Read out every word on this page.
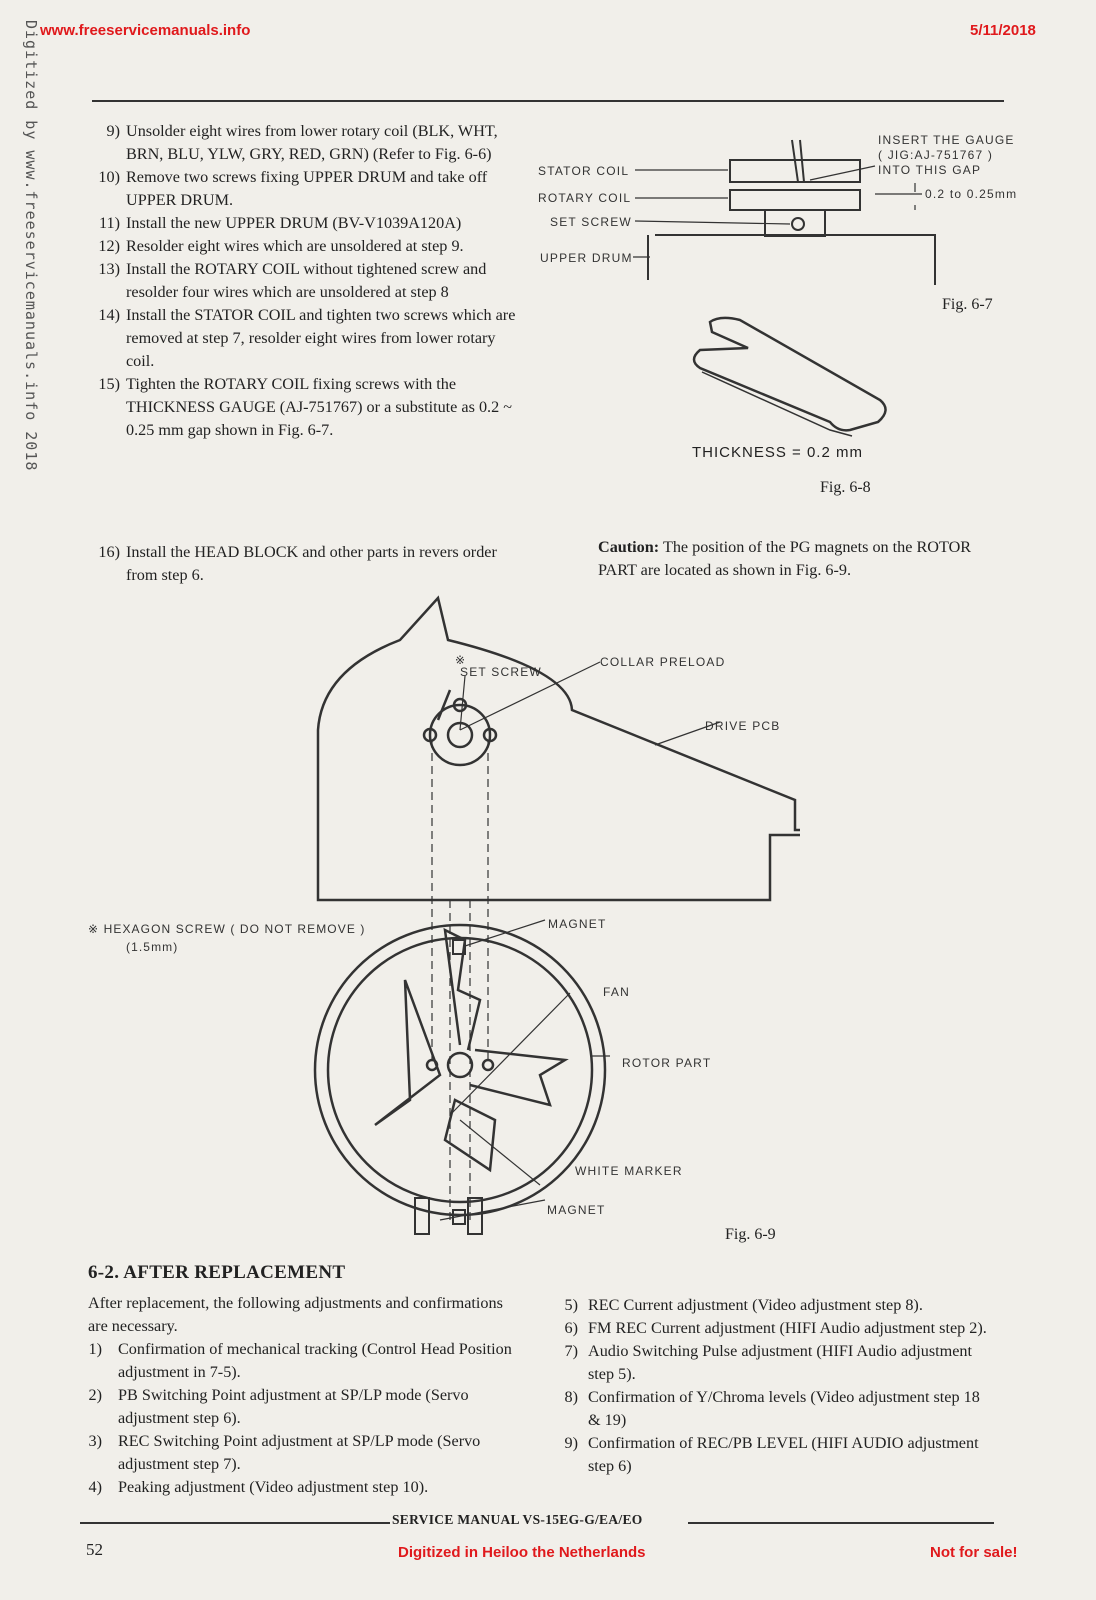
www.freeservicemanuals.info	5/11/2018
Digitized by www.freeservicemanuals.info 2018	9) Unsolder eight wires from lower rotary coil (BLK, WHT, BRN, BLU, YLW, GRY, RED, GRN) (Refer to Fig. 6-6)
10) Remove two screws fixing UPPER DRUM and take off UPPER DRUM.
11) Install the new UPPER DRUM (BV-V1039A120A)
12) Resolder eight wires which are unsoldered at step 9.
13) Install the ROTARY COIL without tightened screw and resolder four wires which are unsoldered at step 8
14) Install the STATOR COIL and tighten two screws which are removed at step 7, resolder eight wires from lower rotary coil.
15) Tighten the ROTARY COIL fixing screws with the THICKNESS GAUGE (AJ-751767) or a substitute as 0.2 ~ 0.25 mm gap shown in Fig. 6-7.
16) Install the HEAD BLOCK and other parts in revers order from step 6.
STATOR COIL
ROTARY COIL
SET SCREW
UPPER DRUM
INSERT THE GAUGE
( JIG:AJ-751767 )
INTO THIS GAP
0.2 to 0.25mm
Fig. 6-7
THICKNESS = 0.2 mm
Fig. 6-8
Caution: The position of the PG magnets on the ROTOR PART are located as shown in Fig. 6-9.
※
SET SCREW
COLLAR PRELOAD
DRIVE PCB
MAGNET
FAN
ROTOR PART
WHITE MARKER
MAGNET
※ HEXAGON SCREW ( DO NOT REMOVE )
(1.5mm)
Fig. 6-9
6-2. AFTER REPLACEMENT
After replacement, the following adjustments and confirmations are necessary.
1) Confirmation of mechanical tracking (Control Head Position adjustment in 7-5).
2) PB Switching Point adjustment at SP/LP mode (Servo adjustment step 6).
3) REC Switching Point adjustment at SP/LP mode (Servo adjustment step 7).
4) Peaking adjustment (Video adjustment step 10).
5) REC Current adjustment (Video adjustment step 8).
6) FM REC Current adjustment (HIFI Audio adjustment step 2).
7) Audio Switching Pulse adjustment (HIFI Audio adjustment step 5).
8) Confirmation of Y/Chroma levels (Video adjustment step 18 & 19)
9) Confirmation of REC/PB LEVEL (HIFI AUDIO adjustment step 6)
SERVICE MANUAL VS-15EG-G/EA/EO
52	Digitized in Heiloo the Netherlands	Not for sale!
